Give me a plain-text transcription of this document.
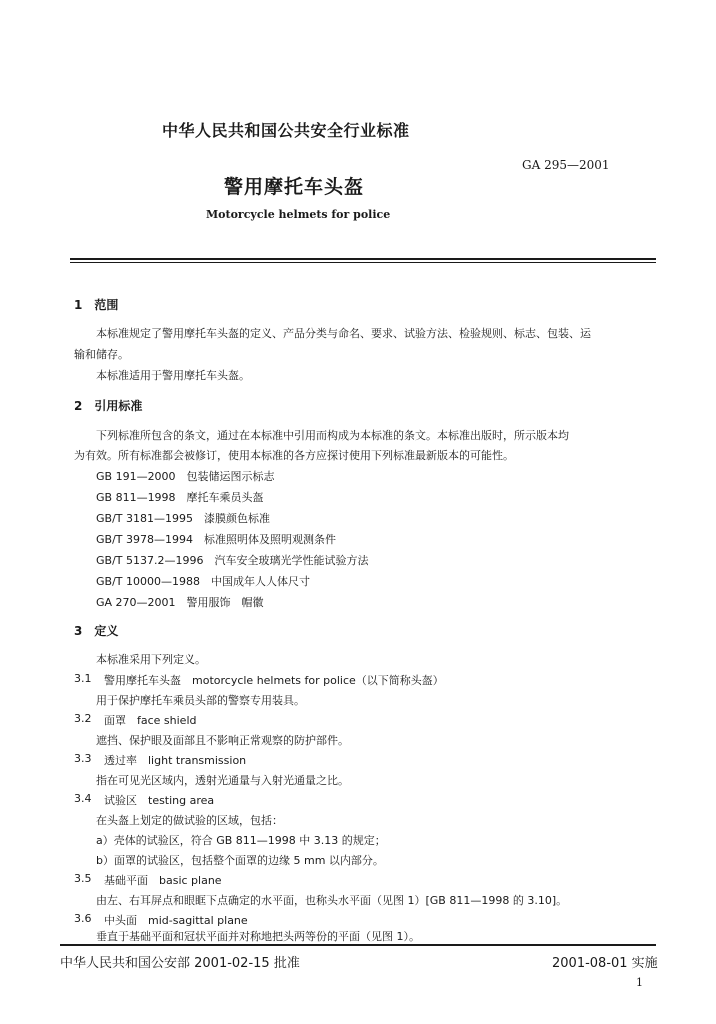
中华人民共和国公共安全行业标准
GA 295—2001
警用摩托车头盔
Motorcycle helmets for police
1　范围
本标准规定了警用摩托车头盔的定义、产品分类与命名、要求、试验方法、检验规则、标志、包装、运
输和储存。
本标准适用于警用摩托车头盔。
2　引用标准
下列标准所包含的条文，通过在本标准中引用而构成为本标准的条文。本标准出版时，所示版本均
为有效。所有标准都会被修订，使用本标准的各方应探讨使用下列标准最新版本的可能性。
GB 191—2000　包装储运图示标志
GB 811—1998　摩托车乘员头盔
GB/T 3181—1995　漆膜颜色标准
GB/T 3978—1994　标准照明体及照明观测条件
GB/T 5137.2—1996　汽车安全玻璃光学性能试验方法
GB/T 10000—1988　中国成年人人体尺寸
GA 270—2001　警用服饰　帽徽
3　定义
本标准采用下列定义。
3.1 警用摩托车头盔　motorcycle helmets for police（以下简称头盔）
用于保护摩托车乘员头部的警察专用装具。
3.2 面罩　face shield
遮挡、保护眼及面部且不影响正常观察的防护部件。
3.3 透过率　light transmission
指在可见光区域内，透射光通量与入射光通量之比。
3.4 试验区　testing area
在头盔上划定的做试验的区域，包括：
a）壳体的试验区，符合 GB 811—1998 中 3.13 的规定；
b）面罩的试验区，包括整个面罩的边缘 5 mm 以内部分。
3.5 基础平面　basic plane
由左、右耳屏点和眼眶下点确定的水平面，也称头水平面（见图 1）[GB 811—1998 的 3.10]。
3.6 中头面　mid-sagittal plane
垂直于基础平面和冠状平面并对称地把头两等份的平面（见图 1）。
中华人民共和国公安部 2001-02-15 批准	2001-08-01 实施
1
